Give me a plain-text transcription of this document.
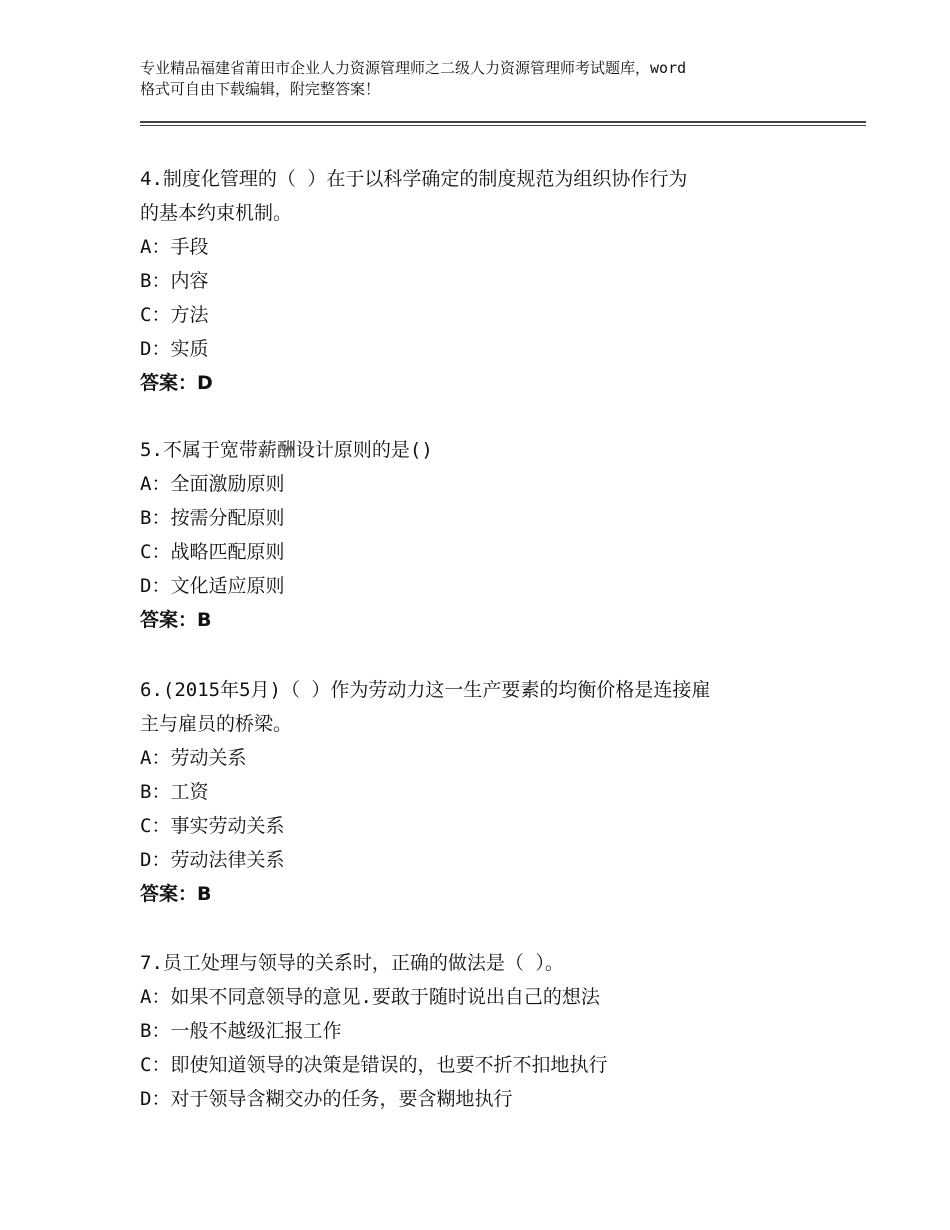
专业精品福建省莆田市企业人力资源管理师之二级人力资源管理师考试题库，word
格式可自由下载编辑，附完整答案！
4.制度化管理的（ ）在于以科学确定的制度规范为组织协作行为
的基本约束机制。
A：手段
B：内容
C：方法
D：实质
答案：D
5.不属于宽带薪酬设计原则的是()
A：全面激励原则
B：按需分配原则
C：战略匹配原则
D：文化适应原则
答案：B
6.(2015年5月)（ ）作为劳动力这一生产要素的均衡价格是连接雇
主与雇员的桥梁。
A：劳动关系
B：工资
C：事实劳动关系
D：劳动法律关系
答案：B
7.员工处理与领导的关系时，正确的做法是（ ）。
A：如果不同意领导的意见.要敢于随时说出自己的想法
B：一般不越级汇报工作
C：即使知道领导的决策是错误的，也要不折不扣地执行
D：对于领导含糊交办的任务，要含糊地执行
